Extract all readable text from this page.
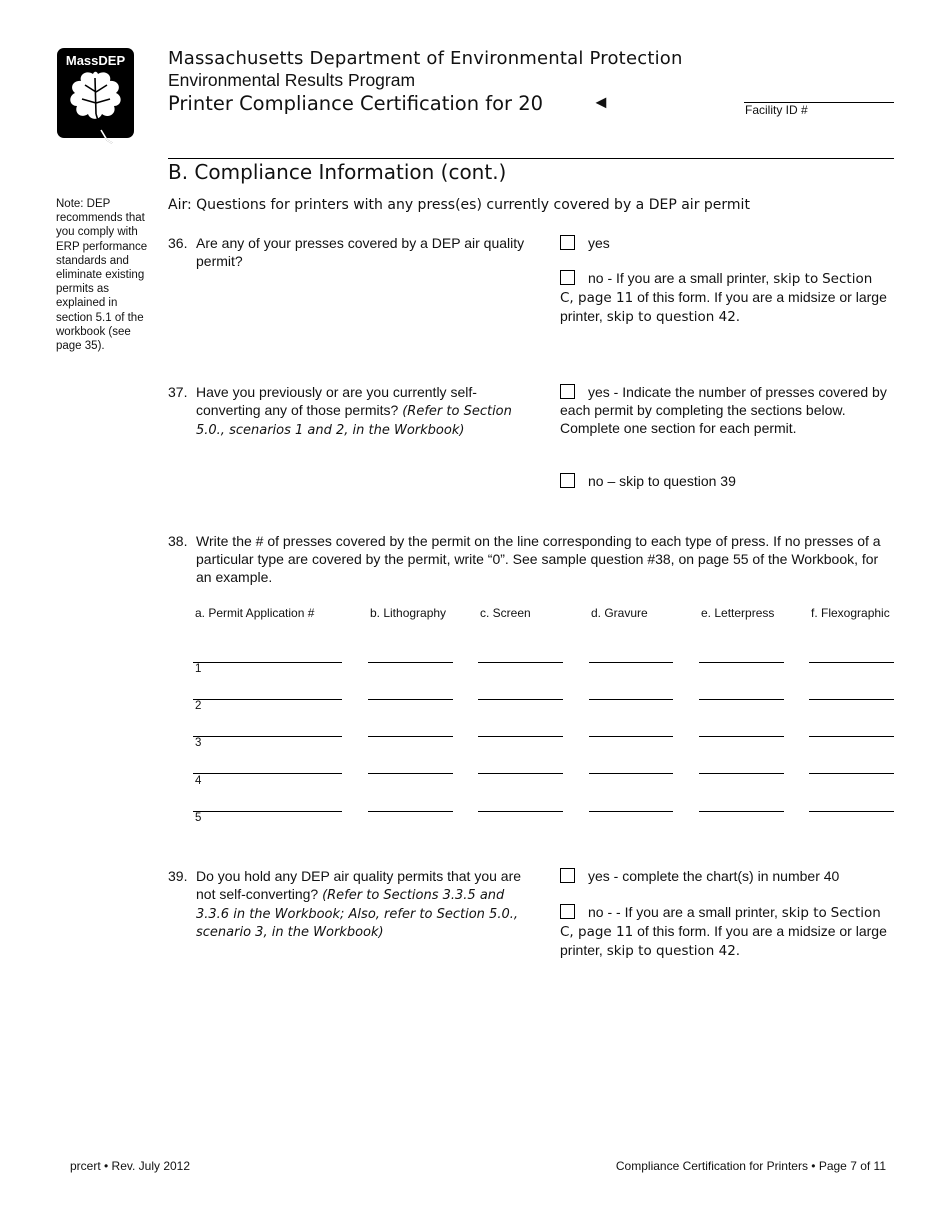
MassDEP Massachusetts Department of Environmental Protection
Environmental Results Program
Printer Compliance Certification for 20	◄	Facility ID #
B. Compliance Information (cont.)
Air: Questions for printers with any press(es) currently covered by a DEP air permit
Note: DEP recommends that you comply with ERP performance standards and eliminate existing permits as explained in section 5.1 of the workbook (see page 35).
36. Are any of your presses covered by a DEP air quality permit?
yes
no - If you are a small printer, skip to Section C, page 11 of this form. If you are a midsize or large printer, skip to question 42.
37. Have you previously or are you currently self-converting any of those permits? (Refer to Section 5.0., scenarios 1 and 2, in the Workbook)
yes - Indicate the number of presses covered by each permit by completing the sections below. Complete one section for each permit.
no – skip to question 39
38. Write the # of presses covered by the permit on the line corresponding to each type of press. If no presses of a particular type are covered by the permit, write “0”. See sample question #38, on page 55 of the Workbook, for an example.
a. Permit Application #	b. Lithography	c. Screen	d. Gravure	e. Letterpress	f. Flexographic
1
2
3
4
5
39. Do you hold any DEP air quality permits that you are not self-converting? (Refer to Sections 3.3.5 and 3.3.6 in the Workbook; Also, refer to Section 5.0., scenario 3, in the Workbook)
yes - complete the chart(s) in number 40
no - - If you are a small printer, skip to Section C, page 11 of this form. If you are a midsize or large printer, skip to question 42.
prcert • Rev. July 2012	Compliance Certification for Printers • Page 7 of 11
